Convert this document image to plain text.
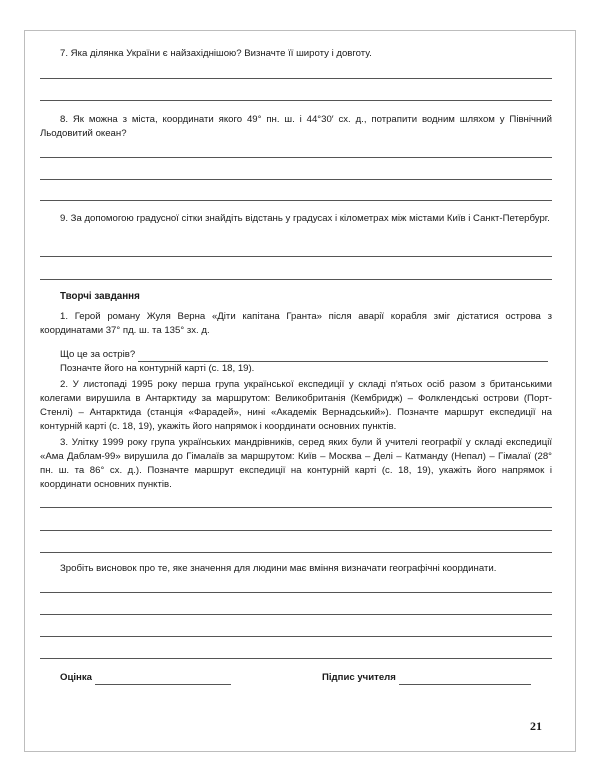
7. Яка ділянка України є найзахіднішою? Визначте її широту і довготу.
8. Як можна з міста, координати якого 49° пн. ш. і 44°30′ сх. д., потрапити водним шляхом у Північний Льодовитий океан?
9. За допомогою градусної сітки знайдіть відстань у градусах і кілометрах між містами Київ і Санкт-Петербург.
Творчі завдання
1. Герой роману Жуля Верна «Діти капітана Гранта» після аварії корабля зміг дістатися острова з координатами 37° пд. ш. та 135° зх. д.
Що це за острів?
Позначте його на контурній карті (с. 18, 19).
2. У листопаді 1995 року перша група української експедиції у складі п'ятьох осіб разом з британськими колегами вирушила в Антарктиду за маршрутом: Великобританія (Кембридж) – Фолклендські острови (Порт-Стенлі) – Антарктида (станція «Фарадей», нині «Академік Вернадський»). Позначте маршрут експедиції на контурній карті (с. 18, 19), укажіть його напрямок і координати основних пунктів.
3. Улітку 1999 року група українських мандрівників, серед яких були й учителі географії у складі експедиції «Ама Даблам-99» вирушила до Гімалаїв за маршрутом: Київ – Москва – Делі – Катманду (Непал) – Гімалаї (28° пн. ш. та 86° сх. д.). Позначте маршрут експедиції на контурній карті (с. 18, 19), укажіть його напрямок і координати основних пунктів.
Зробіть висновок про те, яке значення для людини має вміння визначати географічні координати.
Оцінка	Підпис учителя
21
